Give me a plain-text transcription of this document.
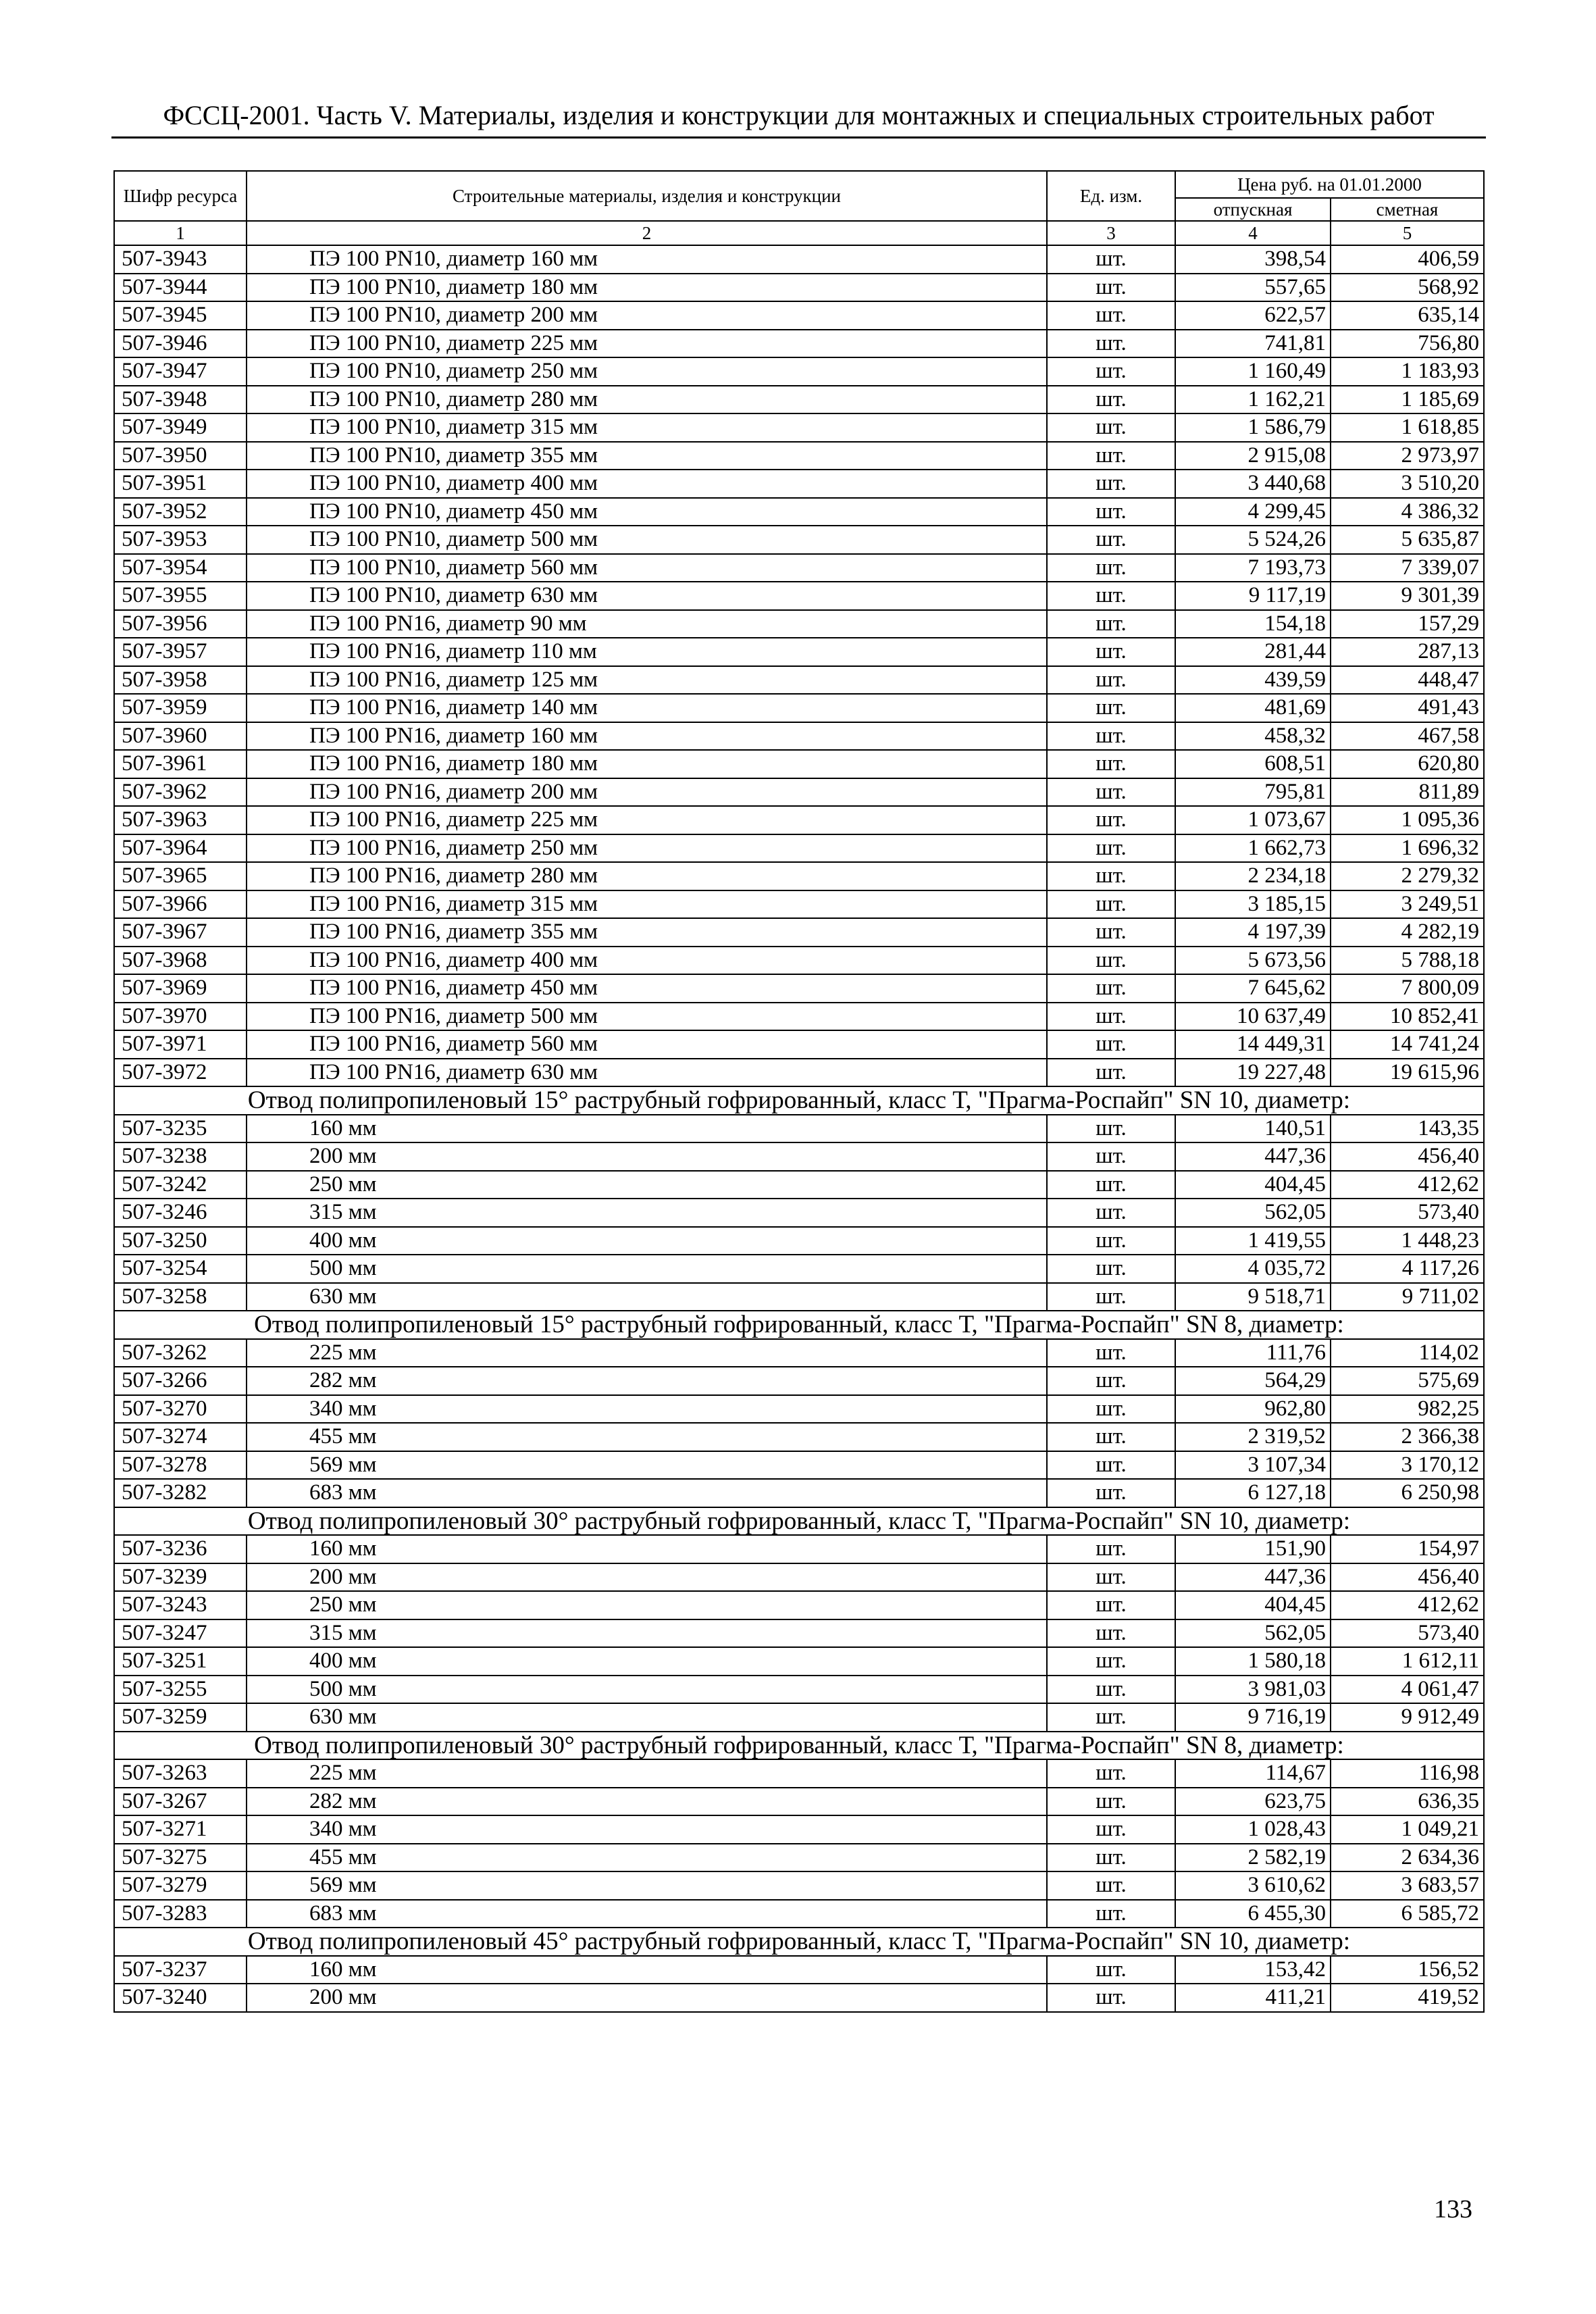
ФССЦ-2001. Часть V. Материалы, изделия и конструкции для монтажных и специальных строительных работ
Шифр ресурса	Строительные материалы, изделия и конструкции	Ед. изм.	Цена руб. на 01.01.2000	
			отпускная	сметная
1	2	3	4	5
507-3943	ПЭ 100 PN10, диаметр 160 мм	шт.	398,54	406,59
507-3944	ПЭ 100 PN10, диаметр 180 мм	шт.	557,65	568,92
507-3945	ПЭ 100 PN10, диаметр 200 мм	шт.	622,57	635,14
507-3946	ПЭ 100 PN10, диаметр 225 мм	шт.	741,81	756,80
507-3947	ПЭ 100 PN10, диаметр 250 мм	шт.	1 160,49	1 183,93
507-3948	ПЭ 100 PN10, диаметр 280 мм	шт.	1 162,21	1 185,69
507-3949	ПЭ 100 PN10, диаметр 315 мм	шт.	1 586,79	1 618,85
507-3950	ПЭ 100 PN10, диаметр 355 мм	шт.	2 915,08	2 973,97
507-3951	ПЭ 100 PN10, диаметр 400 мм	шт.	3 440,68	3 510,20
507-3952	ПЭ 100 PN10, диаметр 450 мм	шт.	4 299,45	4 386,32
507-3953	ПЭ 100 PN10, диаметр 500 мм	шт.	5 524,26	5 635,87
507-3954	ПЭ 100 PN10, диаметр 560 мм	шт.	7 193,73	7 339,07
507-3955	ПЭ 100 PN10, диаметр 630 мм	шт.	9 117,19	9 301,39
507-3956	ПЭ 100 PN16, диаметр 90 мм	шт.	154,18	157,29
507-3957	ПЭ 100 PN16, диаметр 110 мм	шт.	281,44	287,13
507-3958	ПЭ 100 PN16, диаметр 125 мм	шт.	439,59	448,47
507-3959	ПЭ 100 PN16, диаметр 140 мм	шт.	481,69	491,43
507-3960	ПЭ 100 PN16, диаметр 160 мм	шт.	458,32	467,58
507-3961	ПЭ 100 PN16, диаметр 180 мм	шт.	608,51	620,80
507-3962	ПЭ 100 PN16, диаметр 200 мм	шт.	795,81	811,89
507-3963	ПЭ 100 PN16, диаметр 225 мм	шт.	1 073,67	1 095,36
507-3964	ПЭ 100 PN16, диаметр 250 мм	шт.	1 662,73	1 696,32
507-3965	ПЭ 100 PN16, диаметр 280 мм	шт.	2 234,18	2 279,32
507-3966	ПЭ 100 PN16, диаметр 315 мм	шт.	3 185,15	3 249,51
507-3967	ПЭ 100 PN16, диаметр 355 мм	шт.	4 197,39	4 282,19
507-3968	ПЭ 100 PN16, диаметр 400 мм	шт.	5 673,56	5 788,18
507-3969	ПЭ 100 PN16, диаметр 450 мм	шт.	7 645,62	7 800,09
507-3970	ПЭ 100 PN16, диаметр 500 мм	шт.	10 637,49	10 852,41
507-3971	ПЭ 100 PN16, диаметр 560 мм	шт.	14 449,31	14 741,24
507-3972	ПЭ 100 PN16, диаметр 630 мм	шт.	19 227,48	19 615,96
Отвод полипропиленовый 15° раструбный гофрированный, класс Т, "Прагма-Роспайп" SN 10, диаметр:				
507-3235	160 мм	шт.	140,51	143,35
507-3238	200 мм	шт.	447,36	456,40
507-3242	250 мм	шт.	404,45	412,62
507-3246	315 мм	шт.	562,05	573,40
507-3250	400 мм	шт.	1 419,55	1 448,23
507-3254	500 мм	шт.	4 035,72	4 117,26
507-3258	630 мм	шт.	9 518,71	9 711,02
Отвод полипропиленовый 15° раструбный гофрированный, класс Т, "Прагма-Роспайп" SN 8, диаметр:				
507-3262	225 мм	шт.	111,76	114,02
507-3266	282 мм	шт.	564,29	575,69
507-3270	340 мм	шт.	962,80	982,25
507-3274	455 мм	шт.	2 319,52	2 366,38
507-3278	569 мм	шт.	3 107,34	3 170,12
507-3282	683 мм	шт.	6 127,18	6 250,98
Отвод полипропиленовый 30° раструбный гофрированный, класс Т, "Прагма-Роспайп" SN 10, диаметр:				
507-3236	160 мм	шт.	151,90	154,97
507-3239	200 мм	шт.	447,36	456,40
507-3243	250 мм	шт.	404,45	412,62
507-3247	315 мм	шт.	562,05	573,40
507-3251	400 мм	шт.	1 580,18	1 612,11
507-3255	500 мм	шт.	3 981,03	4 061,47
507-3259	630 мм	шт.	9 716,19	9 912,49
Отвод полипропиленовый 30° раструбный гофрированный, класс Т, "Прагма-Роспайп" SN 8, диаметр:				
507-3263	225 мм	шт.	114,67	116,98
507-3267	282 мм	шт.	623,75	636,35
507-3271	340 мм	шт.	1 028,43	1 049,21
507-3275	455 мм	шт.	2 582,19	2 634,36
507-3279	569 мм	шт.	3 610,62	3 683,57
507-3283	683 мм	шт.	6 455,30	6 585,72
Отвод полипропиленовый 45° раструбный гофрированный, класс Т, "Прагма-Роспайп" SN 10, диаметр:				
507-3237	160 мм	шт.	153,42	156,52
507-3240	200 мм	шт.	411,21	419,52
133
